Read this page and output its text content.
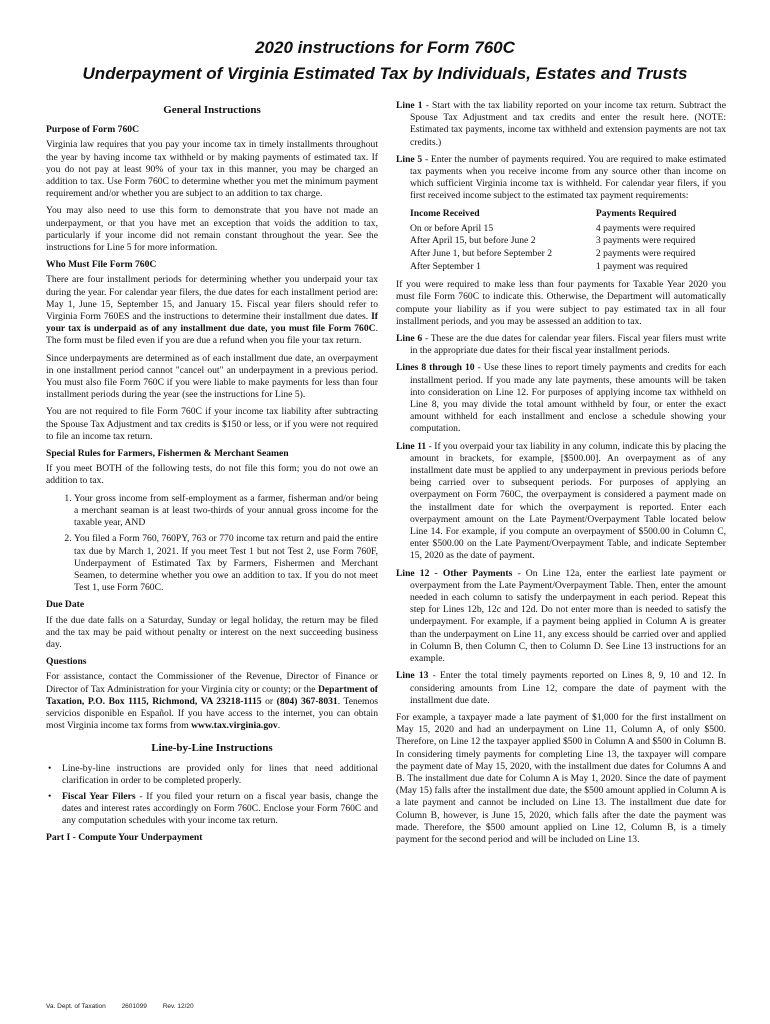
2020 instructions for Form 760C
Underpayment of Virginia Estimated Tax by Individuals, Estates and Trusts
General Instructions
Purpose of Form 760C

Virginia law requires that you pay your income tax in timely installments throughout the year by having income tax withheld or by making payments of estimated tax. If you do not pay at least 90% of your tax in this manner, you may be charged an addition to tax. Use Form 760C to determine whether you met the minimum payment requirement and/or whether you are subject to an addition to tax charge.

You may also need to use this form to demonstrate that you have not made an underpayment, or that you have met an exception that voids the addition to tax, particularly if your income did not remain constant throughout the year. See the instructions for Line 5 for more information.

Who Must File Form 760C

There are four installment periods for determining whether you underpaid your tax during the year. For calendar year filers, the due dates for each installment period are: May 1, June 15, September 15, and January 15. Fiscal year filers should refer to Virginia Form 760ES and the instructions to determine their installment due dates. If your tax is underpaid as of any installment due date, you must file Form 760C. The form must be filed even if you are due a refund when you file your tax return.

Since underpayments are determined as of each installment due date, an overpayment in one installment period cannot "cancel out" an underpayment in a previous period. You must also file Form 760C if you were liable to make payments for less than four installment periods during the year (see the instructions for Line 5).

You are not required to file Form 760C if your income tax liability after subtracting the Spouse Tax Adjustment and tax credits is $150 or less, or if you were not required to file an income tax return.

Special Rules for Farmers, Fishermen & Merchant Seamen

If you meet BOTH of the following tests, do not file this form; you do not owe an addition to tax.

1. Your gross income from self-employment as a farmer, fisherman and/or being a merchant seaman is at least two-thirds of your annual gross income for the taxable year, AND
2. You filed a Form 760, 760PY, 763 or 770 income tax return and paid the entire tax due by March 1, 2021. If you meet Test 1 but not Test 2, use Form 760F, Underpayment of Estimated Tax by Farmers, Fishermen and Merchant Seamen, to determine whether you owe an addition to tax. If you do not meet Test 1, use Form 760C.
Due Date

If the due date falls on a Saturday, Sunday or legal holiday, the return may be filed and the tax may be paid without penalty or interest on the next succeeding business day.

Questions

For assistance, contact the Commissioner of the Revenue, Director of Finance or Director of Tax Administration for your Virginia city or county; or the Department of Taxation, P.O. Box 1115, Richmond, VA 23218-1115 or (804) 367-8031. Tenemos servicios disponible en Español. If you have access to the internet, you can obtain most Virginia income tax forms from www.tax.virginia.gov.

Line-by-Line Instructions
• Line-by-line instructions are provided only for lines that need additional clarification in order to be completed properly.
• Fiscal Year Filers - If you filed your return on a fiscal year basis, change the dates and interest rates accordingly on Form 760C. Enclose your Form 760C and any computation schedules with your income tax return.
Part I - Compute Your Underpayment

Line 1 - Start with the tax liability reported on your income tax return. Subtract the Spouse Tax Adjustment and tax credits and enter the result here. (NOTE: Estimated tax payments, income tax withheld and extension payments are not tax credits.)

Line 5 - Enter the number of payments required. You are required to make estimated tax payments when you receive income from any source other than income on which sufficient Virginia income tax is withheld. For calendar year filers, if you first received income subject to the estimated tax payment requirements:

Income Received	Payments Required
On or before April 15	4 payments were required
After April 15, but before June 2	3 payments were required
After June 1, but before September 2	2 payments were required
After September 1	1 payment was required

If you were required to make less than four payments for Taxable Year 2020 you must file Form 760C to indicate this. Otherwise, the Department will automatically compute your liability as if you were subject to pay estimated tax in all four installment periods, and you may be assessed an addition to tax.

Line 6 - These are the due dates for calendar year filers. Fiscal year filers must write in the appropriate due dates for their fiscal year installment periods.

Lines 8 through 10 - Use these lines to report timely payments and credits for each installment period. If you made any late payments, these amounts will be taken into consideration on Line 12. For purposes of applying income tax withheld on Line 8, you may divide the total amount withheld by four, or enter the exact amount withheld for each installment and enclose a schedule showing your computation.

Line 11 - If you overpaid your tax liability in any column, indicate this by placing the amount in brackets, for example, [$500.00]. An overpayment as of any installment date must be applied to any underpayment in previous periods before being carried over to subsequent periods. For purposes of applying an overpayment on Form 760C, the overpayment is considered a payment made on the installment date for which the overpayment is reported. Enter each overpayment amount on the Late Payment/Overpayment Table located below Line 14. For example, if you compute an overpayment of $500.00 in Column C, enter $500.00 on the Late Payment/Overpayment Table, and indicate September 15, 2020 as the date of payment.

Line 12 - Other Payments - On Line 12a, enter the earliest late payment or overpayment from the Late Payment/Overpayment Table. Then, enter the amount needed in each column to satisfy the underpayment in each period. Repeat this step for Lines 12b, 12c and 12d. Do not enter more than is needed to satisfy the underpayment. For example, if a payment being applied in Column A is greater than the underpayment on Line 11, any excess should be carried over and applied in Column B, then Column C, then to Column D. See Line 13 instructions for an example.

Line 13 - Enter the total timely payments reported on Lines 8, 9, 10 and 12. In considering amounts from Line 12, compare the date of payment with the installment due date.

For example, a taxpayer made a late payment of $1,000 for the first installment on May 15, 2020 and had an underpayment on Line 11, Column A, of only $500. Therefore, on Line 12 the taxpayer applied $500 in Column A and $500 in Column B. In considering timely payments for completing Line 13, the taxpayer will compare the payment date of May 15, 2020, with the installment due dates for Columns A and B. The installment due date for Column A is May 1, 2020. Since the date of payment (May 15) falls after the installment due date, the $500 amount applied in Column A is a late payment and cannot be included on Line 13. The installment due date for Column B, however, is June 15, 2020, which falls after the date the payment was made. Therefore, the $500 amount applied on Line 12, Column B, is a timely payment for the second period and will be included on Line 13.

Va. Dept. of Taxation 2601099 Rev. 12/20
